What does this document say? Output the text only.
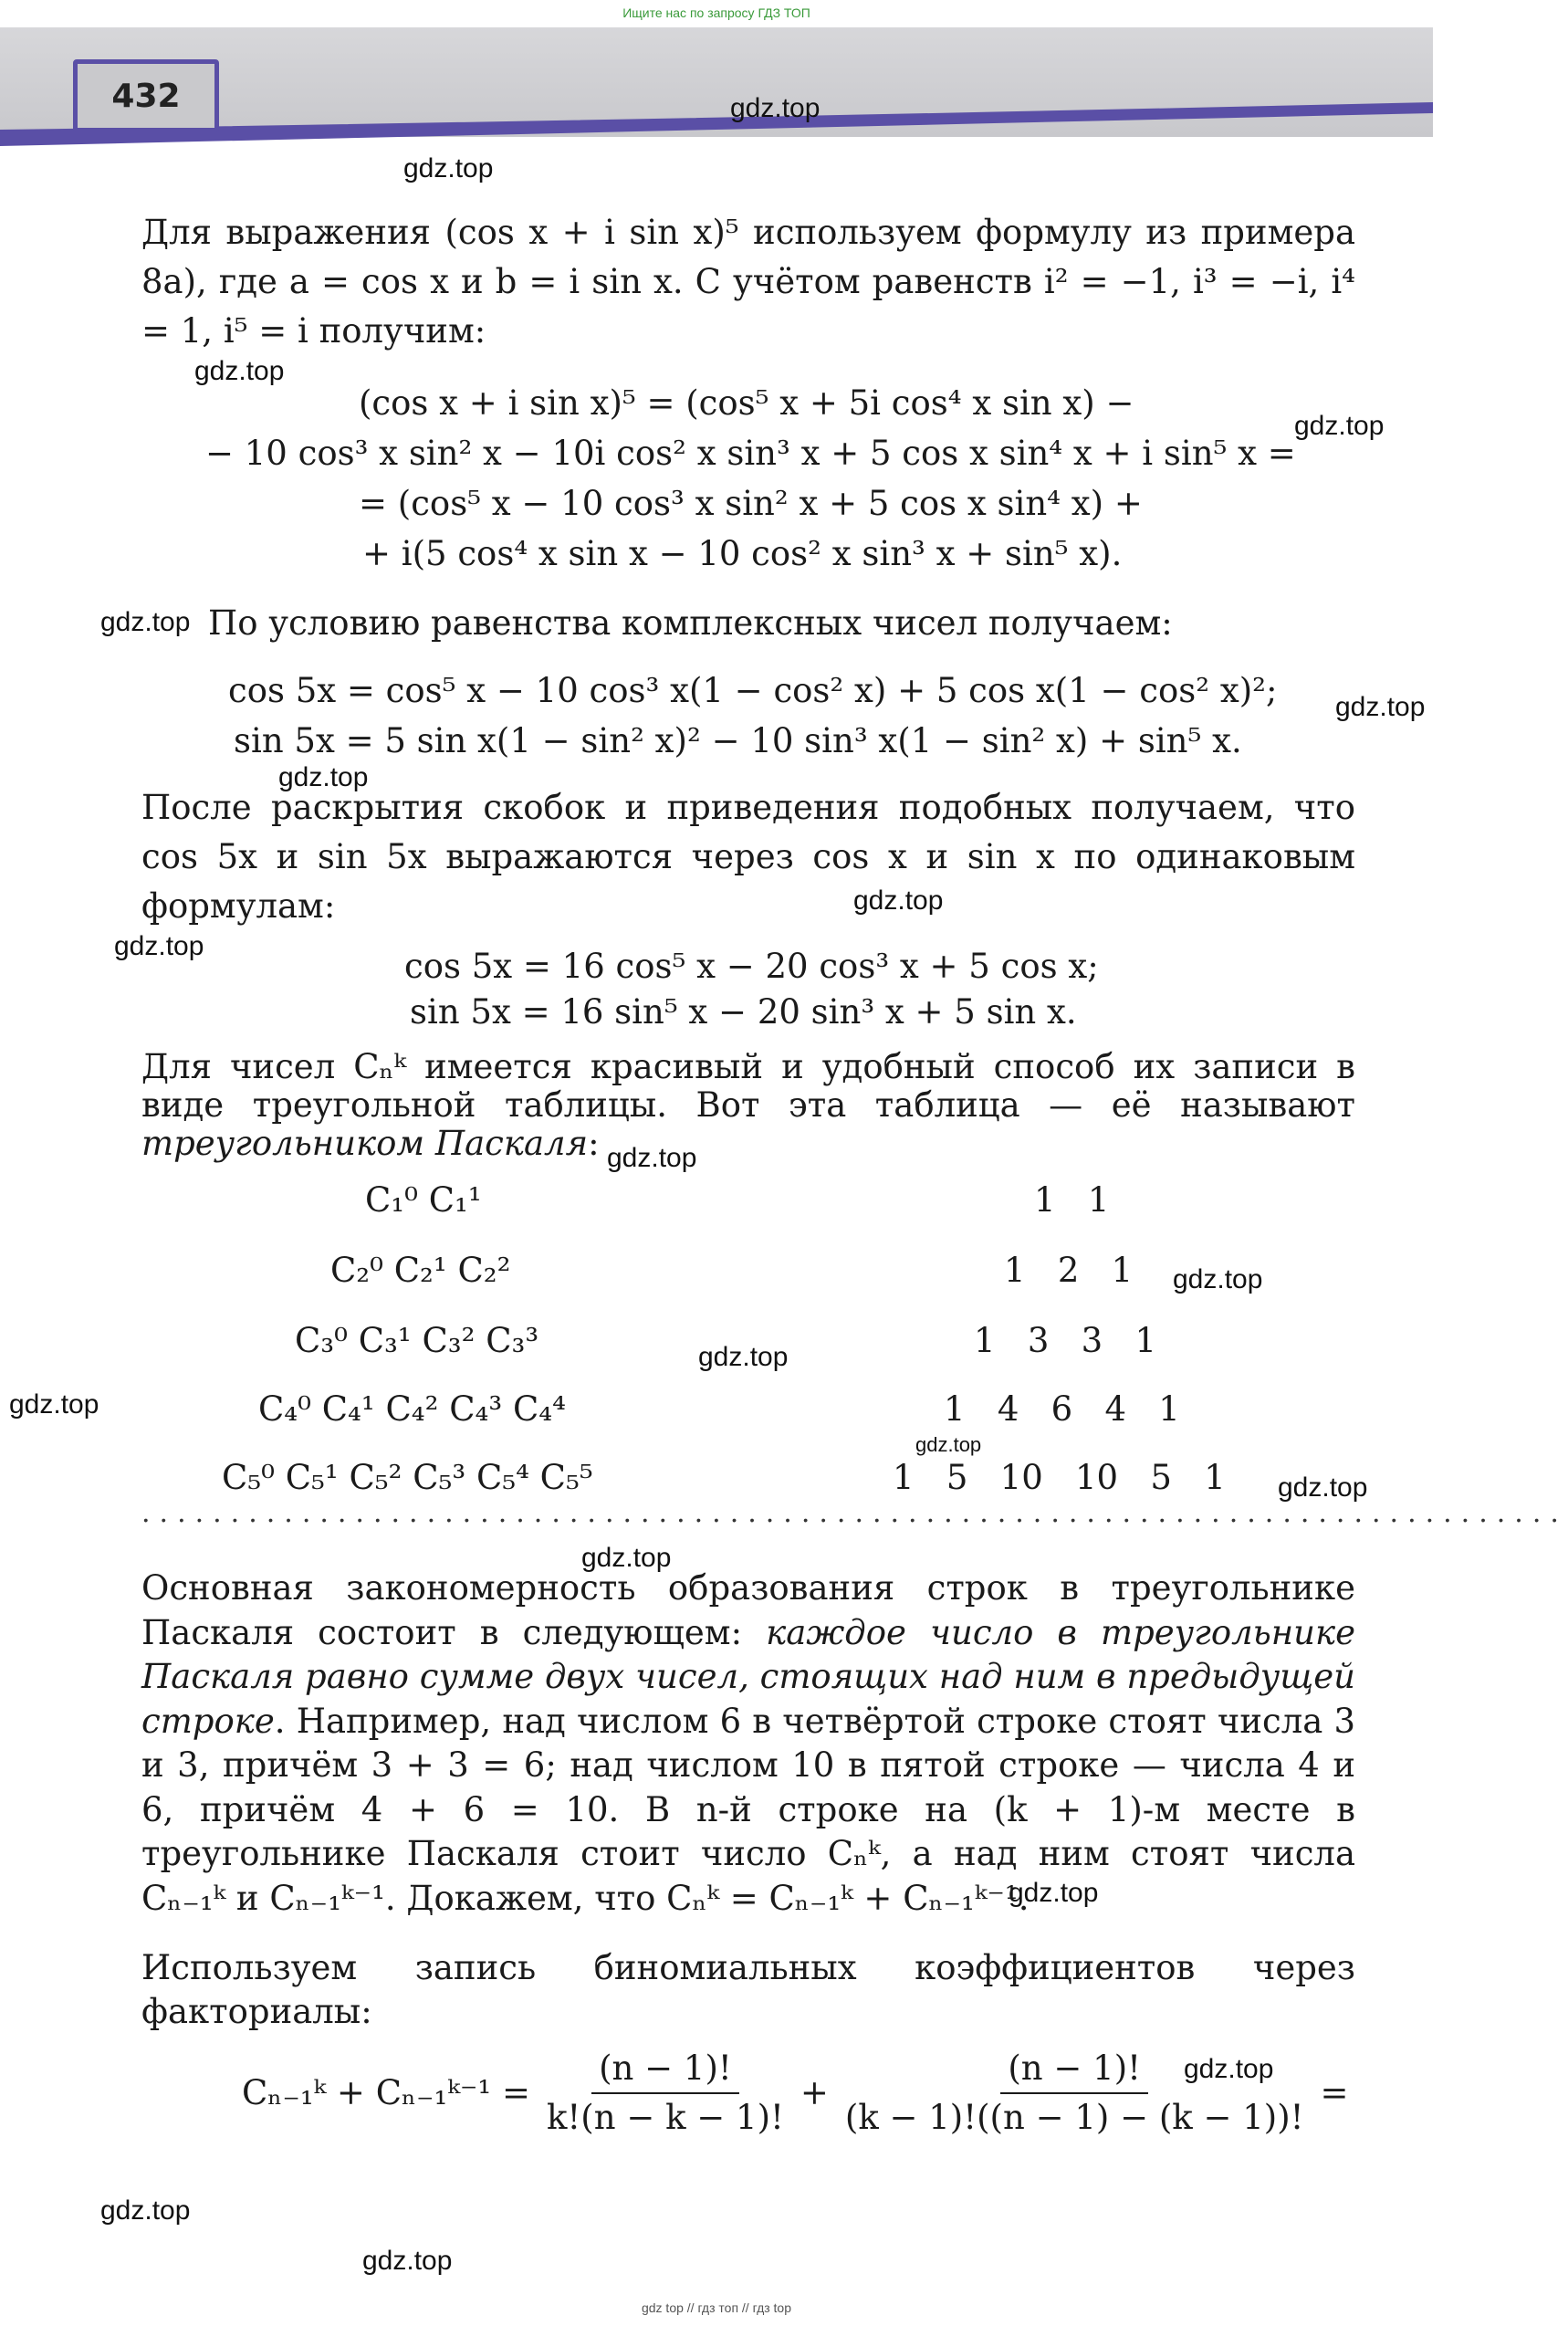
Ищите нас по запросу ГДЗ ТОП
432	gdz.top
gdz.top
gdz.top
gdz.top
gdz.top
gdz.top
gdz.top
gdz.top
gdz.top
gdz.top
gdz.top
gdz.top
gdz.top
gdz.top
gdz.top
gdz.top
gdz.top
gdz.top
gdz.top
gdz.top
Для выражения (cos x + i sin x)⁵ используем формулу из примера 8а), где a = cos x и b = i sin x. С учётом равенств i² = −1, i³ = −i, i⁴ = 1, i⁵ = i получим:
(cos x + i sin x)⁵ = (cos⁵ x + 5i cos⁴ x sin x) −
− 10 cos³ x sin² x − 10i cos² x sin³ x + 5 cos x sin⁴ x + i sin⁵ x =
= (cos⁵ x − 10 cos³ x sin² x + 5 cos x sin⁴ x) +
+ i(5 cos⁴ x sin x − 10 cos² x sin³ x + sin⁵ x).
По условию равенства комплексных чисел получаем:
cos 5x = cos⁵ x − 10 cos³ x(1 − cos² x) + 5 cos x(1 − cos² x)²;
sin 5x = 5 sin x(1 − sin² x)² − 10 sin³ x(1 − sin² x) + sin⁵ x.
После раскрытия скобок и приведения подобных получаем, что cos 5x и sin 5x выражаются через cos x и sin x по одинаковым формулам:
cos 5x = 16 cos⁵ x − 20 cos³ x + 5 cos x;
sin 5x = 16 sin⁵ x − 20 sin³ x + 5 sin x.
Для чисел Cₙᵏ имеется красивый и удобный способ их записи в виде треугольной таблицы. Вот эта таблица — её называют треугольником Паскаля:
C₁⁰ C₁¹
C₂⁰ C₂¹ C₂²
C₃⁰ C₃¹ C₃² C₃³
C₄⁰ C₄¹ C₄² C₄³ C₄⁴
C₅⁰ C₅¹ C₅² C₅³ C₅⁴ C₅⁵
1   1
1   2   1
1   3   3   1
1   4   6   4   1
1   5   10   10   5   1
................................................................................
Основная закономерность образования строк в треугольнике Паскаля состоит в следующем: каждое число в треугольнике Паскаля равно сумме двух чисел, стоящих над ним в предыдущей строке. Например, над числом 6 в четвёртой строке стоят числа 3 и 3, причём 3 + 3 = 6; над числом 10 в пятой строке — числа 4 и 6, причём 4 + 6 = 10. В n-й строке на (k + 1)-м месте в треугольнике Паскаля стоит число Cₙᵏ, а над ним стоят числа Cₙ₋₁ᵏ и Cₙ₋₁ᵏ⁻¹. Докажем, что Cₙᵏ = Cₙ₋₁ᵏ + Cₙ₋₁ᵏ⁻¹.
Используем запись биномиальных коэффициентов через факториалы:
Cₙ₋₁ᵏ + Cₙ₋₁ᵏ⁻¹ = $\frac{(n - 1)!}{k!(n - k - 1)!} + \frac{(n - 1)!}{(k - 1)!((n - 1) - (k - 1))!}$ =
gdz top // гдз топ // гдз top
